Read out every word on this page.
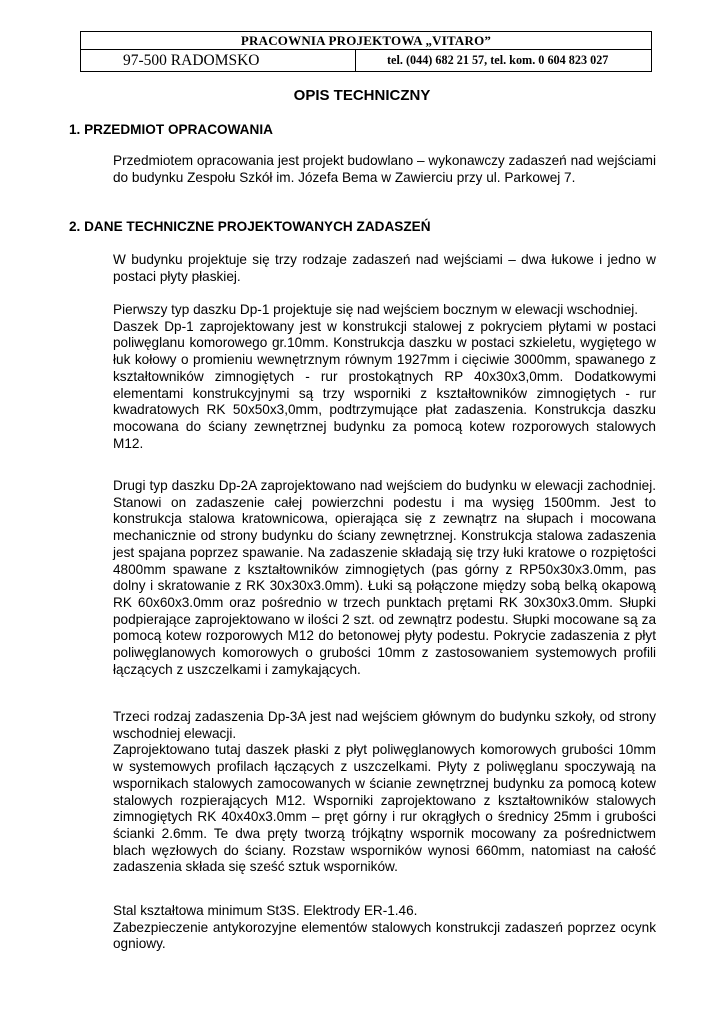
PRACOWNIA PROJEKTOWA „VITARO”
97-500 RADOMSKO	tel. (044) 682 21 57, tel. kom. 0 604 823 027
OPIS TECHNICZNY
1. PRZEDMIOT OPRACOWANIA

Przedmiotem opracowania jest projekt budowlano – wykonawczy zadaszeń nad wejściami do budynku Zespołu Szkół im. Józefa Bema w Zawierciu przy ul. Parkowej 7.

2. DANE TECHNICZNE PROJEKTOWANYCH ZADASZEŃ

W budynku projektuje się trzy rodzaje zadaszeń nad wejściami – dwa łukowe i jedno w postaci płyty płaskiej.

Pierwszy typ daszku Dp-1 projektuje się nad wejściem bocznym w elewacji wschodniej.

Daszek Dp-1 zaprojektowany jest w konstrukcji stalowej z pokryciem płytami w postaci poliwęglanu komorowego gr.10mm. Konstrukcja daszku w postaci szkieletu, wygiętego w łuk kołowy o promieniu wewnętrznym równym 1927mm i cięciwie 3000mm, spawanego z kształtowników zimnogiętych - rur prostokątnych RP 40x30x3,0mm. Dodatkowymi elementami konstrukcyjnymi są trzy wsporniki z kształtowników zimnogiętych - rur kwadratowych RK 50x50x3,0mm, podtrzymujące płat zadaszenia. Konstrukcja daszku mocowana do ściany zewnętrznej budynku za pomocą kotew rozporowych stalowych M12.

Drugi typ daszku Dp-2A zaprojektowano nad wejściem do budynku w elewacji zachodniej. Stanowi on zadaszenie całej powierzchni podestu i ma wysięg 1500mm. Jest to konstrukcja stalowa kratownicowa, opierająca się z zewnątrz na słupach i mocowana mechanicznie od strony budynku do ściany zewnętrznej. Konstrukcja stalowa zadaszenia jest spajana poprzez spawanie. Na zadaszenie składają się trzy łuki kratowe o rozpiętości 4800mm spawane z kształtowników zimnogiętych (pas górny z RP50x30x3.0mm, pas dolny i skratowanie z RK 30x30x3.0mm). Łuki są połączone między sobą belką okapową RK 60x60x3.0mm oraz pośrednio w trzech punktach prętami RK 30x30x3.0mm. Słupki podpierające zaprojektowano w ilości 2 szt. od zewnątrz podestu. Słupki mocowane są za pomocą kotew rozporowych M12 do betonowej płyty podestu. Pokrycie zadaszenia z płyt poliwęglanowych komorowych o grubości 10mm z zastosowaniem systemowych profili łączących z uszczelkami i zamykających.

Trzeci rodzaj zadaszenia Dp-3A jest nad wejściem głównym do budynku szkoły, od strony wschodniej elewacji.

Zaprojektowano tutaj daszek płaski z płyt poliwęglanowych komorowych grubości 10mm w systemowych profilach łączących z uszczelkami. Płyty z poliwęglanu spoczywają na wspornikach stalowych zamocowanych w ścianie zewnętrznej budynku za pomocą kotew stalowych rozpierających M12. Wsporniki zaprojektowano z kształtowników stalowych zimnogiętych RK 40x40x3.0mm – pręt górny i rur okrągłych o średnicy 25mm i grubości ścianki 2.6mm. Te dwa pręty tworzą trójkątny wspornik mocowany za pośrednictwem blach węzłowych do ściany. Rozstaw wsporników wynosi 660mm, natomiast na całość zadaszenia składa się sześć sztuk wsporników.

Stal kształtowa minimum St3S. Elektrody ER-1.46.

Zabezpieczenie antykorozyjne elementów stalowych konstrukcji zadaszeń poprzez ocynk ogniowy.
